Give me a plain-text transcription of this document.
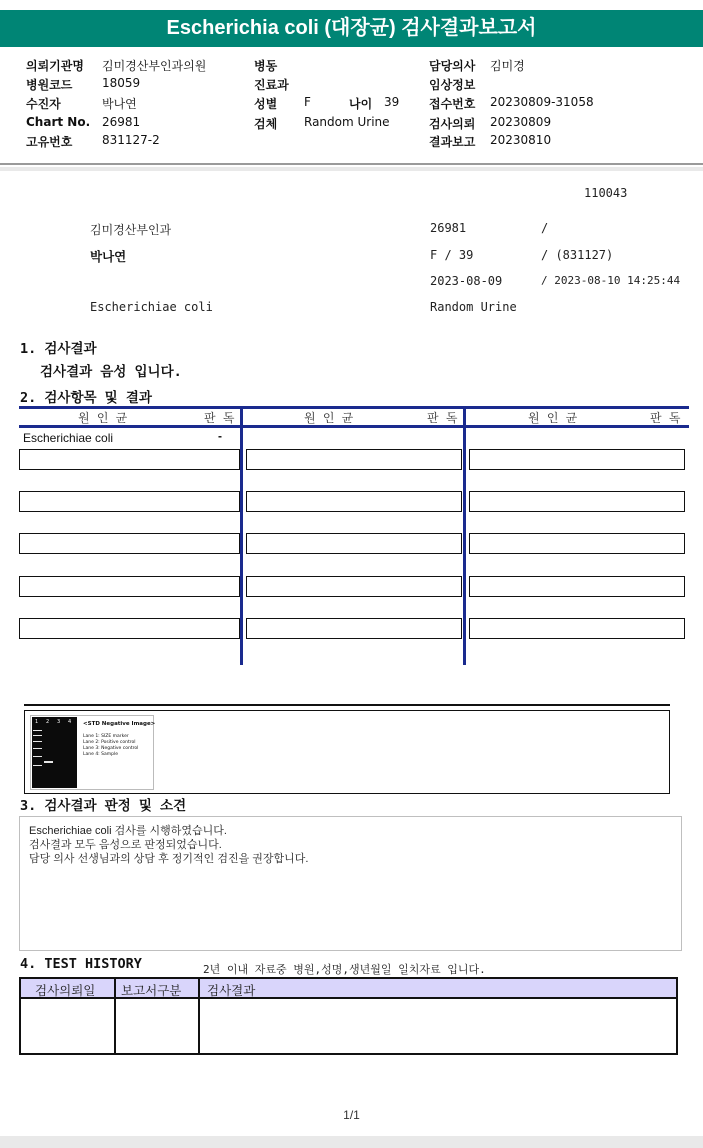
Escherichia coli (대장균) 검사결과보고서
의뢰기관명 김미경산부인과의원
병원코드 18059
수진자	박나연
Chart No. 26981
고유번호 831127-2
병동
진료과
성별 F	나이 39
검체 Random Urine
담당의사 김미경
임상정보
접수번호 20230809-31058
검사의뢰 20230809
결과보고 20230810
110043
김미경산부인과	26981	/
박나연	F / 39	/ (831127)
2023-08-09	/ 2023-08-10 14:25:44
Escherichiae coli	Random Urine
1. 검사결과
검사결과 음성 입니다.
2. 검사항목 및 결과
원 인 균	판 독	원 인 균	판 독	원 인 균	판 독
Escherichiae coli	-
1 2 3 4 <STD Negative Image>
Lane 1: SIZE marker
Lane 2: Positive control
Lane 3: Negative control
Lane 4: Sample
3. 검사결과 판정 및 소견
Escherichiae coli 검사를 시행하였습니다.
검사결과 모두 음성으로 판정되었습니다.
담당 의사 선생님과의 상담 후 정기적인 검진을 권장합니다.
4. TEST HISTORY	2년 이내 자료중 병원,성명,생년월일 일치자료 입니다.
검사의뢰일 보고서구분 검사결과
1/1
